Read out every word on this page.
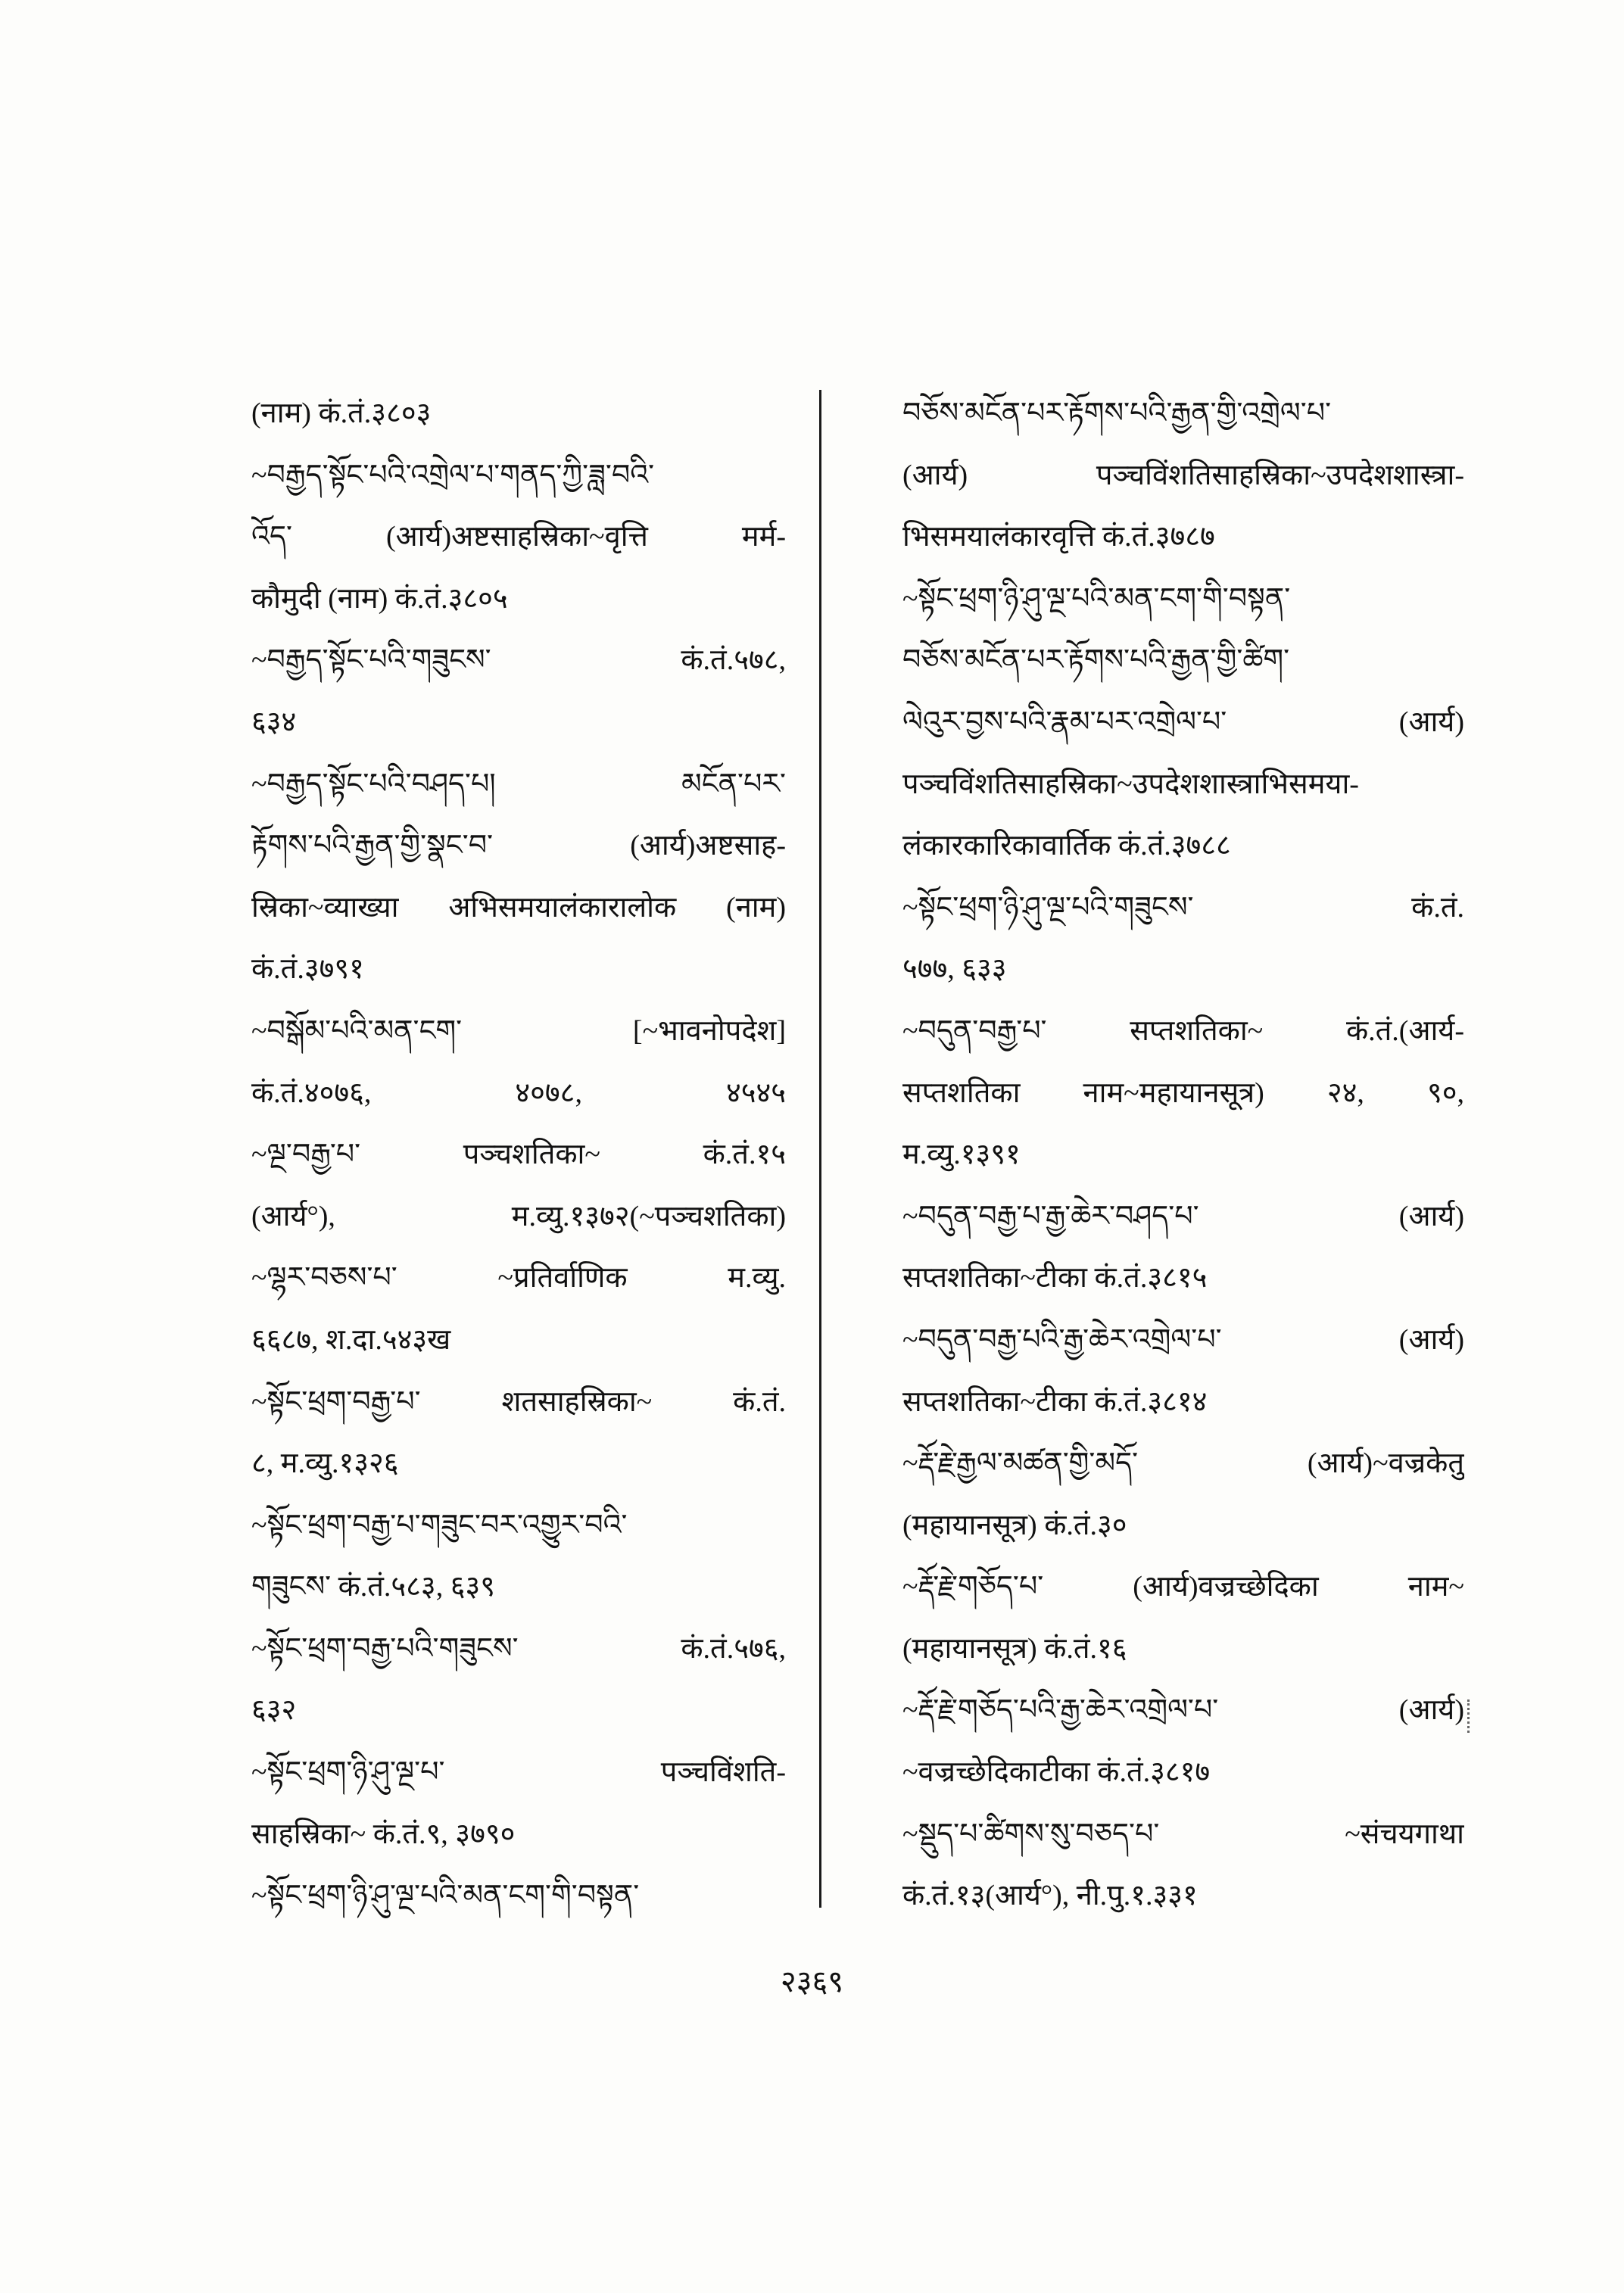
(नाम) कं.तं.३८०३
~བརྒྱད་སྟོང་པའི་འགྲེལ་པ་གནད་ཀྱི་ཟླ་བའི་
འོད་ (आर्य)अष्टसाहस्रिका~वृत्ति मर्म-
कौमुदी (नाम) कं.तं.३८०५
~བརྒྱད་སྟོང་པའི་གཟུངས་ कं.तं.५७८,
६३४
~བརྒྱད་སྟོང་པའི་བཤད་པ། མངོན་པར་
རྟོགས་པའི་རྒྱན་གྱི་སྣང་བ་ (आर्य)अष्टसाह-
स्रिका~व्याख्या अभिसमयालंकारालोक (नाम)
कं.तं.३७९१
~བསྒོམ་པའི་མན་ངག་ [~भावनोपदेश]
कं.तं.४०७६, ४०७८, ४५४५
~ལྔ་བརྒྱ་པ་ पञ्चशतिका~ कं.तं.१५
(आर्य°), म.व्यु.१३७२(~पञ्चशतिका)
~ལྷར་བཅས་པ་ ~प्रतिर्वाणिक म.व्यु.
६६८७, श.दा.५४३ख
~སྟོང་ཕྲག་བརྒྱ་པ་ शतसाहस्रिका~ कं.तं.
८, म.व्यु.१३२६
~སྟོང་ཕྲག་བརྒྱ་པ་གཟུང་བར་འགྱུར་བའི་
གཟུངས་ कं.तं.५८३, ६३९
~སྟོང་ཕྲག་བརྒྱ་པའི་གཟུངས་ कं.तं.५७६,
६३२
~སྟོང་ཕྲག་ཉི་ཤུ་ལྔ་པ་ पञ्चविंशति-
साहस्रिका~ कं.तं.९, ३७९०
~སྟོང་ཕྲག་ཉི་ཤུ་ལྔ་པའི་མན་ངག་གི་བསྟན་
བཅོས་མངོན་པར་རྟོགས་པའི་རྒྱན་གྱི་འགྲེལ་པ་
(आर्य) पञ्चविंशतिसाहस्रिका~उपदेशशास्त्रा-
भिसमयालंकारवृत्ति कं.तं.३७८७
~སྟོང་ཕྲག་ཉི་ཤུ་ལྔ་པའི་མན་ངག་གི་བསྟན་
བཅོས་མངོན་པར་རྟོགས་པའི་རྒྱན་གྱི་ཚིག་
ལེའུར་བྱས་པའི་རྣམ་པར་འགྲེལ་པ་ (आर्य)
पञ्चविंशतिसाहस्रिका~उपदेशशास्त्राभिसमया-
लंकारकारिकावार्तिक कं.तं.३७८८
~སྟོང་ཕྲག་ཉི་ཤུ་ལྔ་པའི་གཟུངས་ कं.तं.
५७७, ६३३
~བདུན་བརྒྱ་པ་ सप्तशतिका~ कं.तं.(आर्य-
सप्तशतिका नाम~महायानसूत्र) २४, ९०,
म.व्यु.१३९१
~བདུན་བརྒྱ་པ་རྒྱ་ཆེར་བཤད་པ་ (आर्य)
सप्तशतिका~टीका कं.तं.३८१५
~བདུན་བརྒྱ་པའི་རྒྱ་ཆེར་འགྲེལ་པ་ (आर्य)
सप्तशतिका~टीका कं.तं.३८१४
~རྡོ་རྗེ་རྒྱལ་མཚན་གྱི་མདོ་ (आर्य)~वज्रकेतु
(महायानसूत्र) कं.तं.३०
~རྡོ་རྗེ་གཅོད་པ་ (आर्य)वज्रच्छेदिका नाम~
(महायानसूत्र) कं.तं.१६
~རྡོ་རྗེ་གཅོད་པའི་རྒྱ་ཆེར་འགྲེལ་པ་ (आर्य)
~वज्रच्छेदिकाटीका कं.तं.३८१७
~སྡུད་པ་ཚིགས་སུ་བཅད་པ་ ~संचयगाथा
कं.तं.१३(आर्य°), नी.पु.१.३३१
२३६९
